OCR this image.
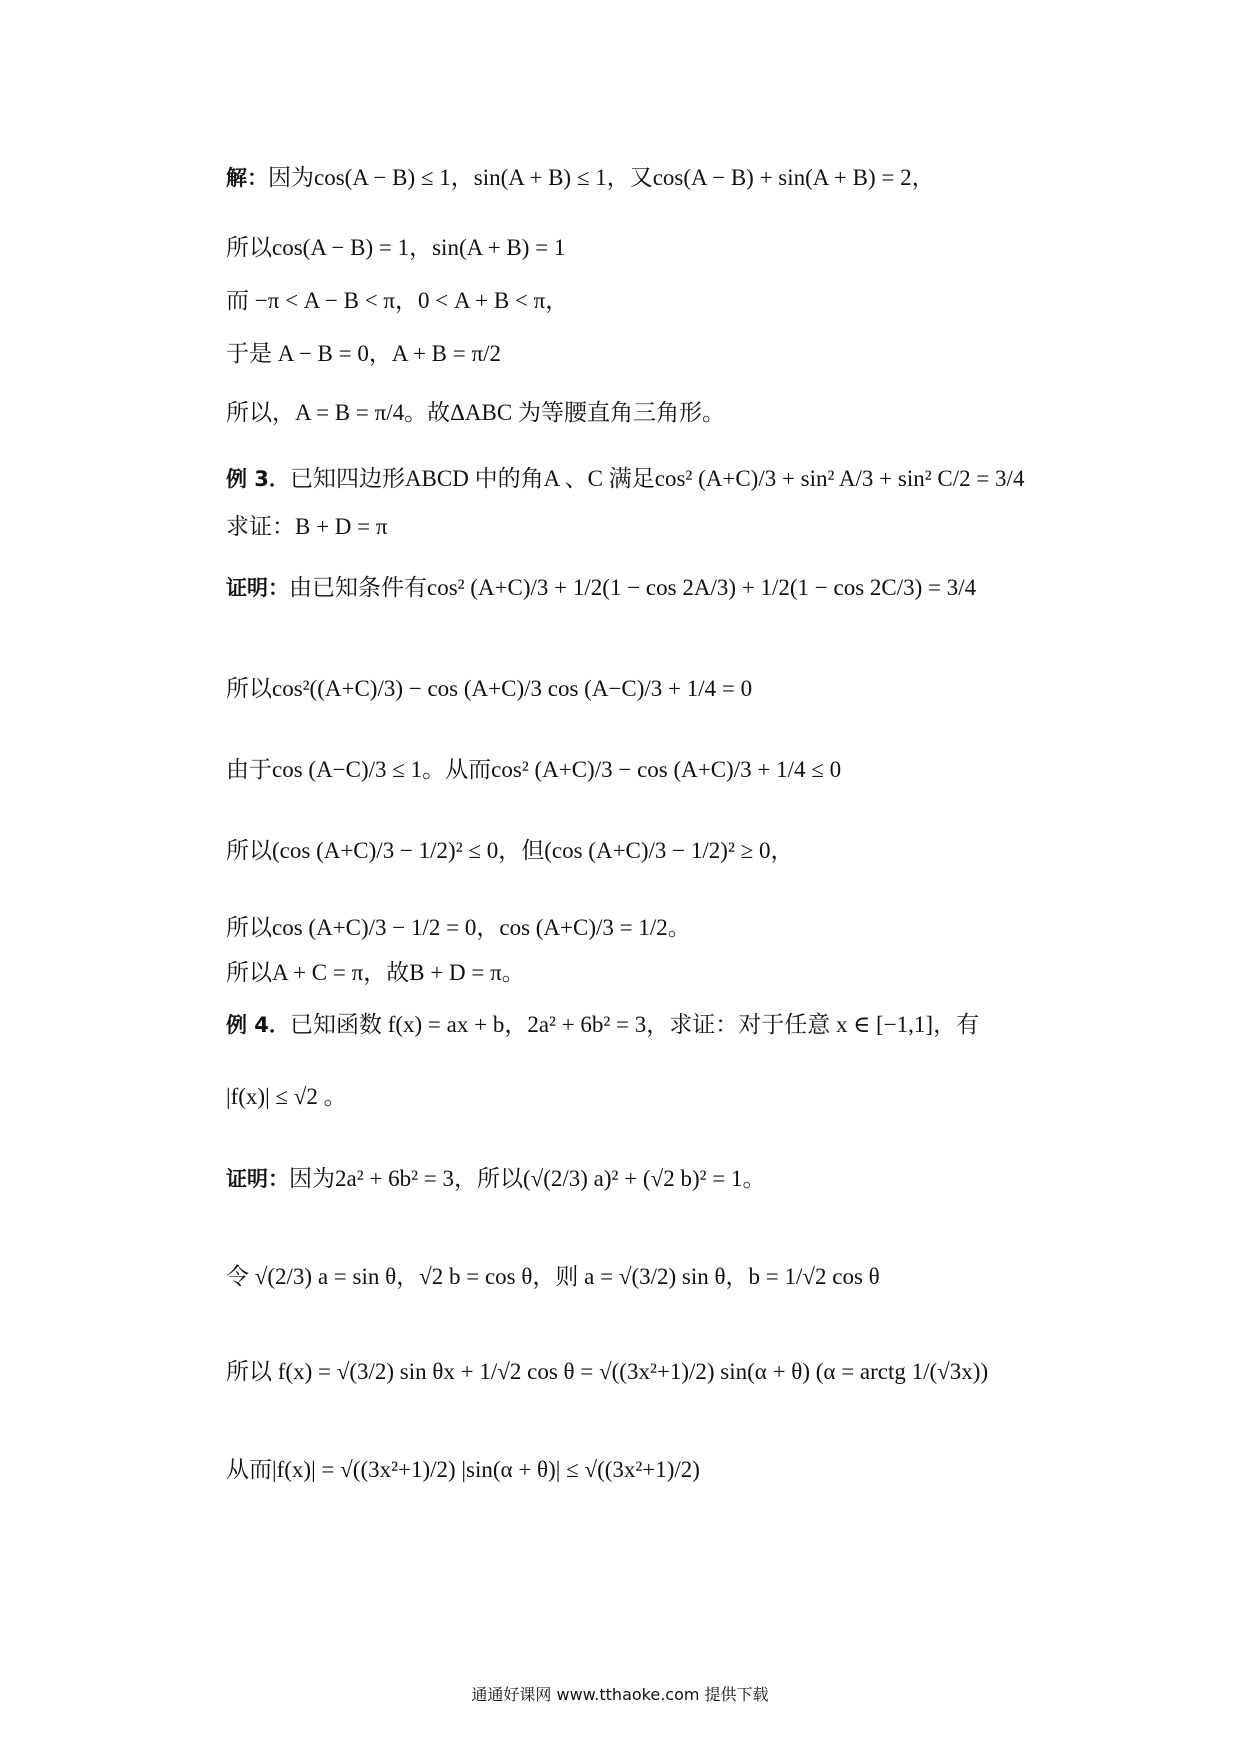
解：因为cos(A − B) ≤ 1，sin(A + B) ≤ 1，又cos(A − B) + sin(A + B) = 2，
所以cos(A − B) = 1，sin(A + B) = 1
而 −π < A − B < π，0 < A + B < π，
于是 A − B = 0，A + B = π/2
所以，A = B = π/4。故ΔABC 为等腰直角三角形。
例 3．已知四边形ABCD 中的角A 、C 满足cos² (A+C)/3 + sin² A/3 + sin² C/2 = 3/4
求证：B + D = π
证明：由已知条件有cos² (A+C)/3 + 1/2(1 − cos 2A/3) + 1/2(1 − cos 2C/3) = 3/4
所以cos²((A+C)/3) − cos (A+C)/3 cos (A−C)/3 + 1/4 = 0
由于cos (A−C)/3 ≤ 1。从而cos² (A+C)/3 − cos (A+C)/3 + 1/4 ≤ 0
所以(cos (A+C)/3 − 1/2)² ≤ 0，但(cos (A+C)/3 − 1/2)² ≥ 0，
所以cos (A+C)/3 − 1/2 = 0，cos (A+C)/3 = 1/2。
所以A + C = π，故B + D = π。
例 4．已知函数 f(x) = ax + b，2a² + 6b² = 3，求证：对于任意 x ∈ [−1,1]，有
|f(x)| ≤ √2 。
证明：因为2a² + 6b² = 3，所以(√(2/3) a)² + (√2 b)² = 1。
令 √(2/3) a = sin θ，√2 b = cos θ，则 a = √(3/2) sin θ，b = 1/√2 cos θ
所以 f(x) = √(3/2) sin θx + 1/√2 cos θ = √((3x²+1)/2) sin(α + θ) (α = arctg 1/(√3x))
从而|f(x)| = √((3x²+1)/2) |sin(α + θ)| ≤ √((3x²+1)/2)
通通好课网 www.tthaoke.com 提供下载
